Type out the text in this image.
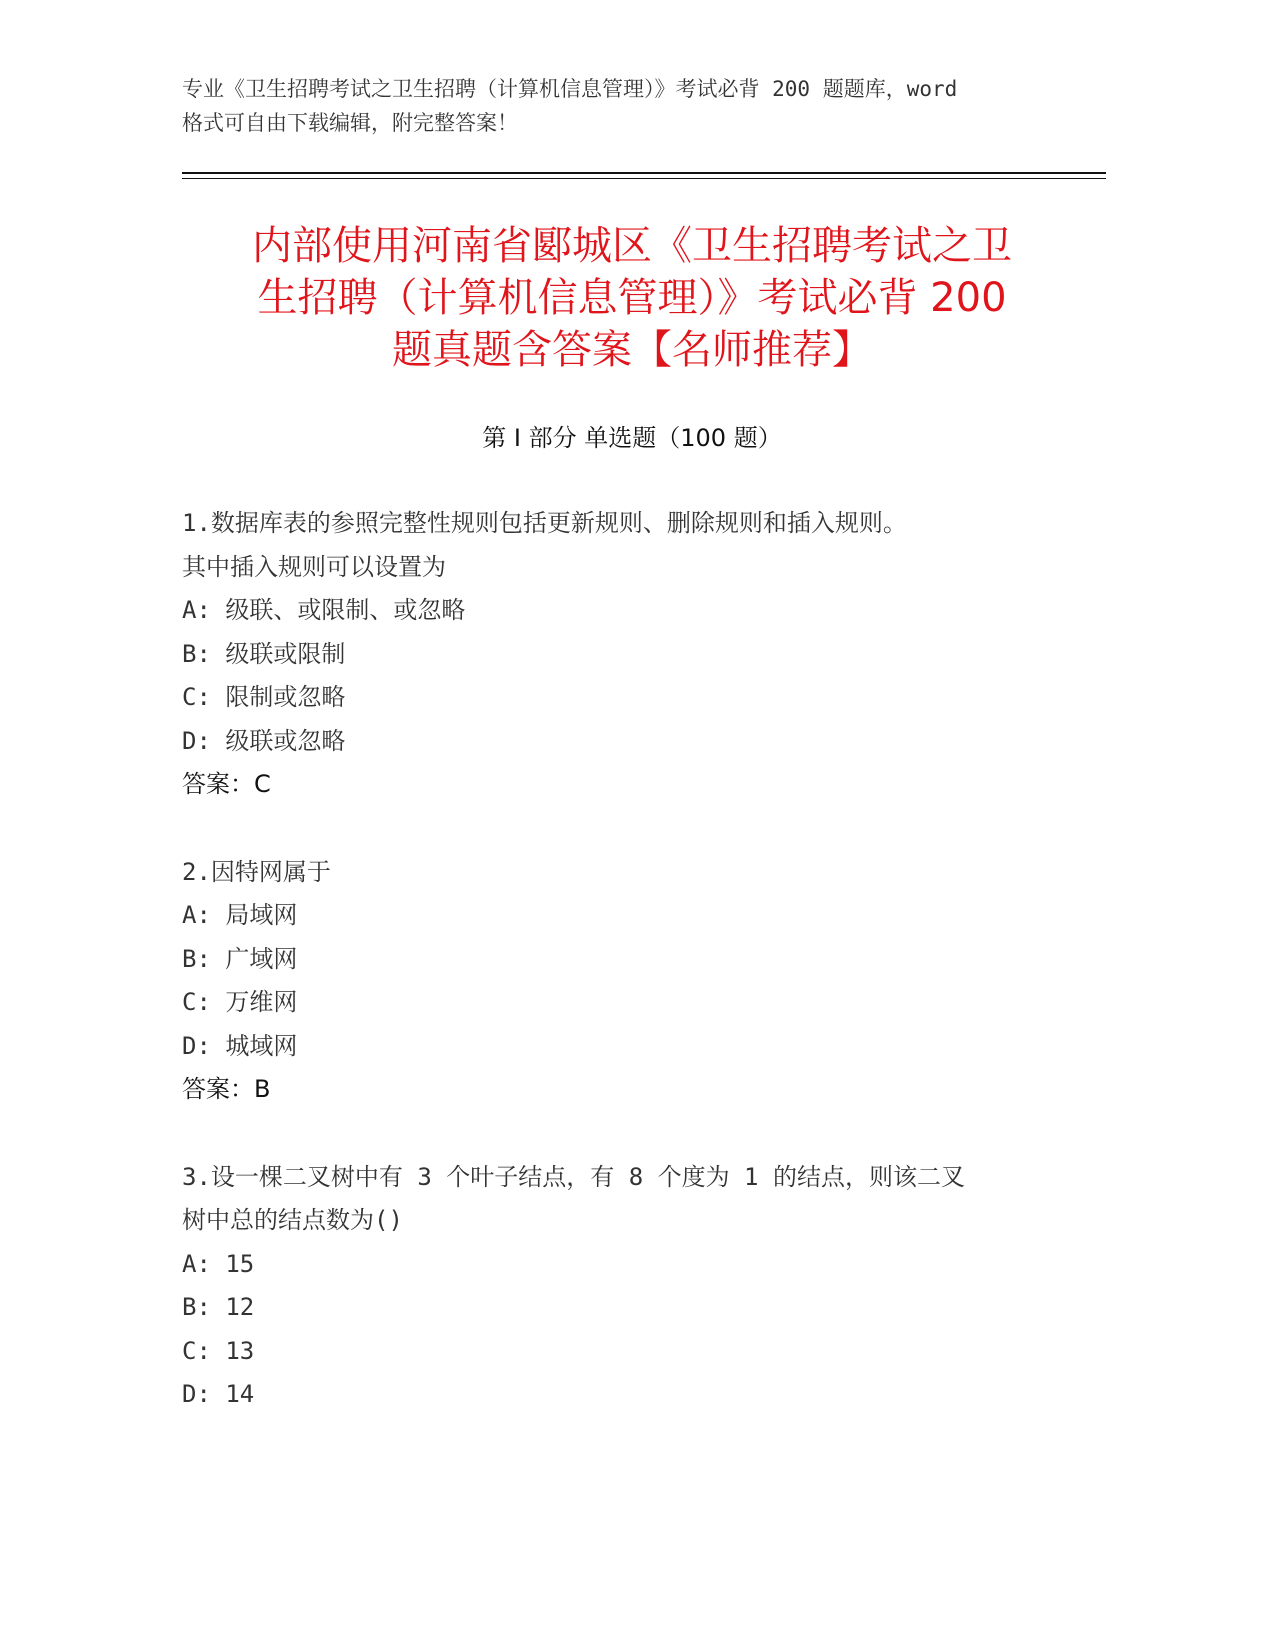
专业《卫生招聘考试之卫生招聘（计算机信息管理）》考试必背 200 题题库，word
格式可自由下载编辑，附完整答案！
内部使用河南省郾城区《卫生招聘考试之卫
生招聘（计算机信息管理）》考试必背 200
题真题含答案【名师推荐】
第 I 部分 单选题（100 题）
1.数据库表的参照完整性规则包括更新规则、删除规则和插入规则。
其中插入规则可以设置为
A: 级联、或限制、或忽略
B: 级联或限制
C: 限制或忽略
D: 级联或忽略
答案：C
2.因特网属于
A: 局域网
B: 广域网
C: 万维网
D: 城域网
答案：B
3.设一棵二叉树中有 3 个叶子结点，有 8 个度为 1 的结点，则该二叉
树中总的结点数为()
A: 15
B: 12
C: 13
D: 14
